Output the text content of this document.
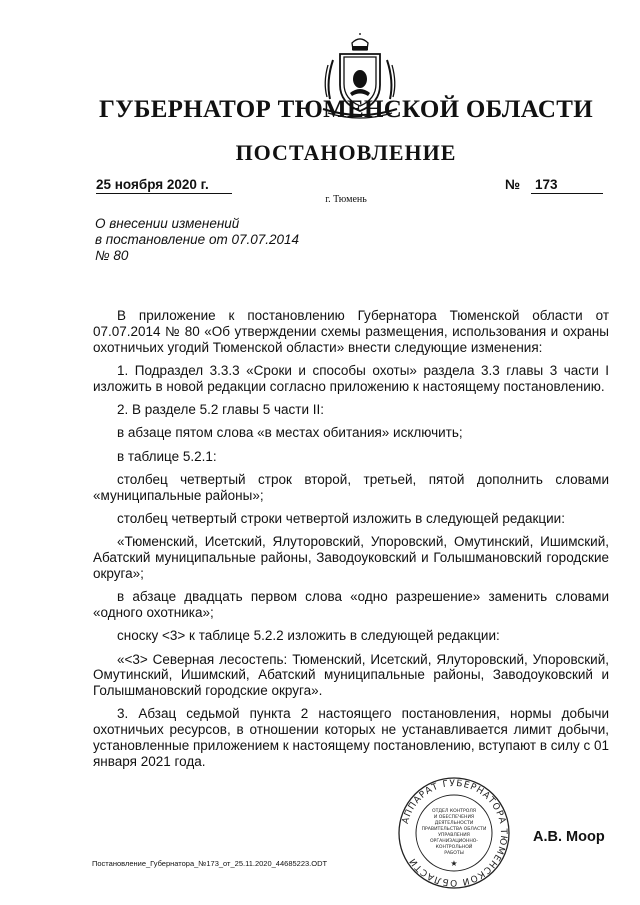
ГУБЕРНАТОР ТЮМЕНСКОЙ ОБЛАСТИ
ПОСТАНОВЛЕНИЕ
25 ноября 2020 г.	№ 173
г. Тюмень
О внесении изменений
в постановление от 07.07.2014
№ 80

В приложение к постановлению Губернатора Тюменской области от 07.07.2014 № 80 «Об утверждении схемы размещения, использования и охраны охотничьих угодий Тюменской области» внести следующие изменения:

1. Подраздел 3.3.3 «Сроки и способы охоты» раздела 3.3 главы 3 части I изложить в новой редакции согласно приложению к настоящему постановлению.

2. В разделе 5.2 главы 5 части II:

в абзаце пятом слова «в местах обитания» исключить;

в таблице 5.2.1:

столбец четвертый строк второй, третьей, пятой дополнить словами «муниципальные районы»;

столбец четвертый строки четвертой изложить в следующей редакции:

«Тюменский, Исетский, Ялуторовский, Упоровский, Омутинский, Ишимский, Абатский муниципальные районы, Заводоуковский и Голышмановский городские округа»;

в абзаце двадцать первом слова «одно разрешение» заменить словами «одного охотника»;

сноску <3> к таблице 5.2.2 изложить в следующей редакции:

«<3> Северная лесостепь: Тюменский, Исетский, Ялуторовский, Упоровский, Омутинский, Ишимский, Абатский муниципальные районы, Заводоуковский и Голышмановский городские округа».

3. Абзац седьмой пункта 2 настоящего постановления, нормы добычи охотничьих ресурсов, в отношении которых не устанавливается лимит добычи, установленные приложением к настоящему постановлению, вступают в силу с 01 января 2021 года.

АППАРАТ ГУБЕРНАТОРА ТЮМЕНСКОЙ ОБЛАСТИ
ОТДЕЛ КОНТРОЛЯ
И ОБЕСПЕЧЕНИЯ
ДЕЯТЕЛЬНОСТИ
ПРАВИТЕЛЬСТВА ОБЛАСТИ
УПРАВЛЕНИЯ
ОРГАНИЗАЦИОННО-
КОНТРОЛЬНОЙ
РАБОТЫ
★
А.В. Моор
Постановление_Губернатора_№173_от_25.11.2020_44685223.ODT
